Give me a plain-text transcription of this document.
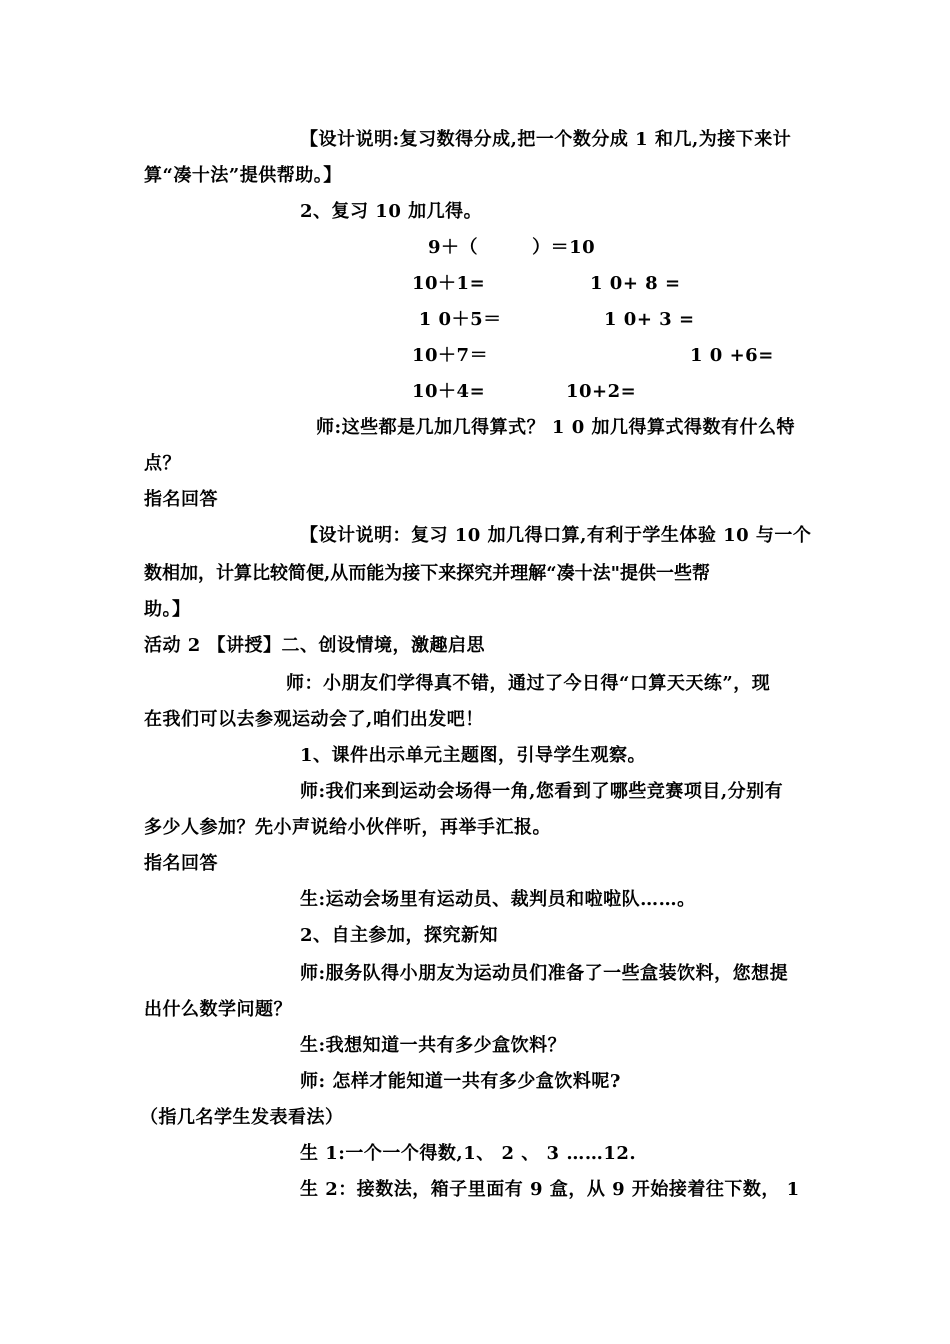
【设计说明:复习数得分成,把一个数分成 1 和几,为接下来计
算“凑十法”提供帮助。】
2、复习 10 加几得。
9＋（        ）＝10
10＋1=	1 0+ 8 =
1 0＋5＝	1 0+ 3 =
10＋7＝	1 0 +6=
10＋4=	10+2=
师:这些都是几加几得算式？ 1 0 加几得算式得数有什么特
点？
指名回答
【设计说明：复习 10 加几得口算,有利于学生体验 10 与一个
数相加，计算比较简便,从而能为接下来探究并理解“凑十法"提供一些帮
助。】
活动 2 【讲授】二、创设情境，激趣启思
师：小朋友们学得真不错，通过了今日得“口算天天练”，现
在我们可以去参观运动会了,咱们出发吧！
1、课件出示单元主题图，引导学生观察。
师:我们来到运动会场得一角,您看到了哪些竞赛项目,分别有
多少人参加？先小声说给小伙伴听，再举手汇报。
指名回答
生:运动会场里有运动员、裁判员和啦啦队……。
2、自主参加，探究新知
师:服务队得小朋友为运动员们准备了一些盒装饮料，您想提
出什么数学问题？
生:我想知道一共有多少盒饮料？
师: 怎样才能知道一共有多少盒饮料呢?
（指几名学生发表看法）
生 1:一个一个得数,1、 2 、 3 ……12.
生 2：接数法，箱子里面有 9 盒，从 9 开始接着往下数， 1
